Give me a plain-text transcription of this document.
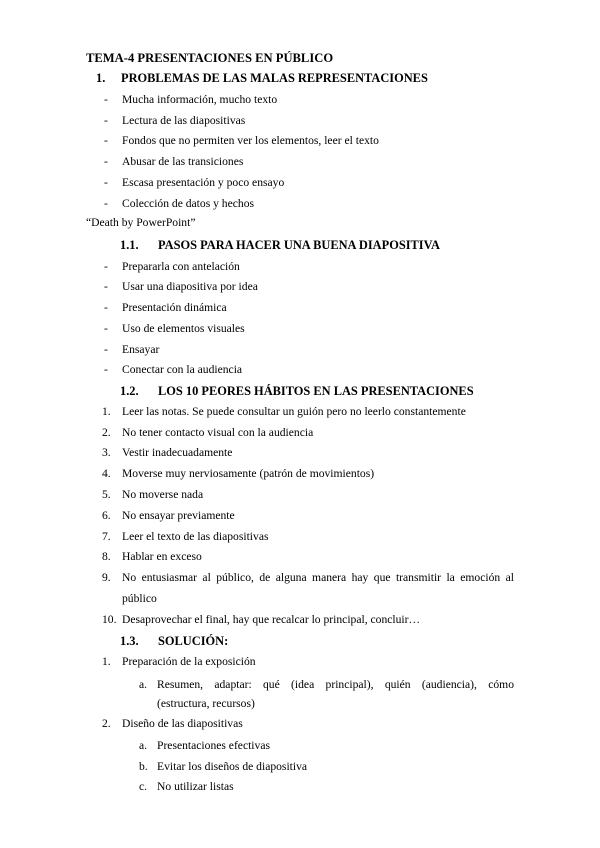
TEMA-4 PRESENTACIONES EN PÚBLICO
1. PROBLEMAS DE LAS MALAS REPRESENTACIONES
- Mucha información, mucho texto
- Lectura de las diapositivas
- Fondos que no permiten ver los elementos, leer el texto
- Abusar de las transiciones
- Escasa presentación y poco ensayo
- Colección de datos y hechos
“Death by PowerPoint”
1.1. PASOS PARA HACER UNA BUENA DIAPOSITIVA
- Prepararla con antelación
- Usar una diapositiva por idea
- Presentación dinámica
- Uso de elementos visuales
- Ensayar
- Conectar con la audiencia
1.2. LOS 10 PEORES HÁBITOS EN LAS PRESENTACIONES
1. Leer las notas. Se puede consultar un guión pero no leerlo constantemente
2. No tener contacto visual con la audiencia
3. Vestir inadecuadamente
4. Moverse muy nerviosamente (patrón de movimientos)
5. No moverse nada
6. No ensayar previamente
7. Leer el texto de las diapositivas
8. Hablar en exceso
9. No entusiasmar al público, de alguna manera hay que transmitir la emoción al
público
10. Desaprovechar el final, hay que recalcar lo principal, concluir…
1.3. SOLUCIÓN:
1. Preparación de la exposición
a. Resumen, adaptar: qué (idea principal), quién (audiencia), cómo
(estructura, recursos)
2. Diseño de las diapositivas
a. Presentaciones efectivas
b. Evitar los diseños de diapositiva
c. No utilizar listas
